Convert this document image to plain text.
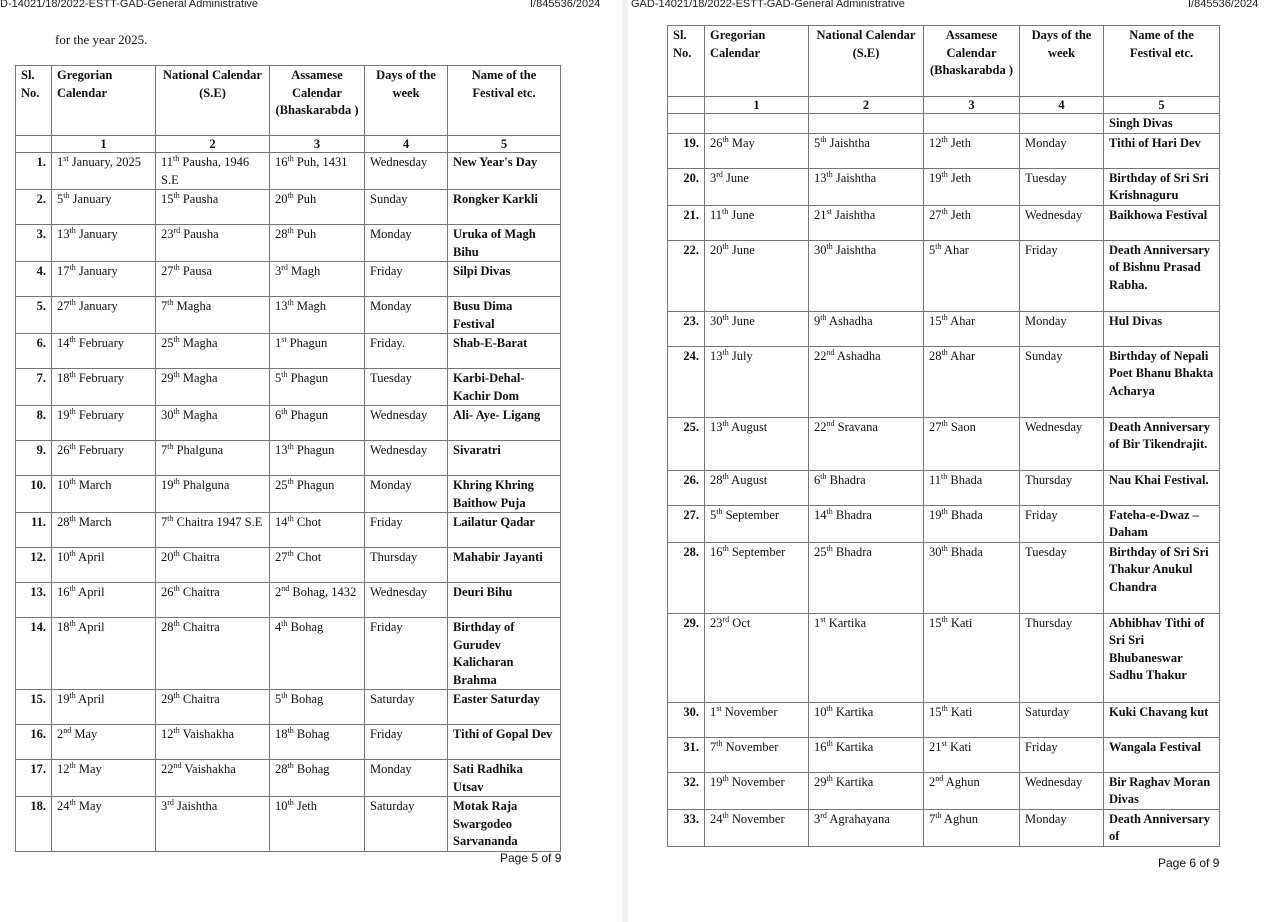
D-14021/18/2022-ESTT-GAD-General Administrative	I/845536/2024
for the year 2025.
Sl. No.	Gregorian Calendar	National Calendar (S.E)	Assamese Calendar (Bhaskarabda )	Days of the week	Name of the Festival etc.
	1	2	3	4	5
1.	1st January, 2025	11th Pausha, 1946 S.E	16th Puh, 1431	Wednesday	New Year's Day
2.	5th January	15th Pausha	20th Puh	Sunday	Rongker Karkli
3.	13th January	23rd Pausha	28th Puh	Monday	Uruka of Magh Bihu
4.	17th January	27th Pausa	3rd Magh	Friday	Silpi Divas
5.	27th January	7th Magha	13th Magh	Monday	Busu Dima Festival
6.	14th February	25th Magha	1st Phagun	Friday.	Shab-E-Barat
7.	18th February	29th Magha	5th Phagun	Tuesday	Karbi-Dehal-Kachir Dom
8.	19th February	30th Magha	6th Phagun	Wednesday	Ali- Aye- Ligang
9.	26th February	7th Phalguna	13th Phagun	Wednesday	Sivaratri
10.	10th March	19th Phalguna	25th Phagun	Monday	Khring Khring Baithow Puja
11.	28th March	7th Chaitra 1947 S.E	14th Chot	Friday	Lailatur Qadar
12.	10th April	20th Chaitra	27th Chot	Thursday	Mahabir Jayanti
13.	16th April	26th Chaitra	2nd Bohag, 1432	Wednesday	Deuri Bihu
14.	18th April	28th Chaitra	4th Bohag	Friday	Birthday of Gurudev Kalicharan Brahma
15.	19th April	29th Chaitra	5th Bohag	Saturday	Easter Saturday
16.	2nd May	12th Vaishakha	18th Bohag	Friday	Tithi of Gopal Dev
17.	12th May	22nd Vaishakha	28th Bohag	Monday	Sati Radhika Utsav
18.	24th May	3rd Jaishtha	10th Jeth	Saturday	Motak Raja Swargodeo Sarvananda
Page 5 of 9
GAD-14021/18/2022-ESTT-GAD-General Administrative	I/845536/2024
Sl. No.	Gregorian Calendar	National Calendar (S.E)	Assamese Calendar (Bhaskarabda )	Days of the week	Name of the Festival etc.
	1	2	3	4	5
					Singh Divas
19.	26th May	5th Jaishtha	12th Jeth	Monday	Tithi of Hari Dev
20.	3rd June	13th Jaishtha	19th Jeth	Tuesday	Birthday of Sri Sri Krishnaguru
21.	11th June	21st Jaishtha	27th Jeth	Wednesday	Baikhowa Festival
22.	20th June	30th Jaishtha	5th Ahar	Friday	Death Anniversary of Bishnu Prasad Rabha.
23.	30th June	9th Ashadha	15th Ahar	Monday	Hul Divas
24.	13th July	22nd Ashadha	28th Ahar	Sunday	Birthday of Nepali Poet Bhanu Bhakta Acharya
25.	13th August	22nd Sravana	27th Saon	Wednesday	Death Anniversary of Bir Tikendrajit.
26.	28th August	6th Bhadra	11th Bhada	Thursday	Nau Khai Festival.
27.	5th September	14th Bhadra	19th Bhada	Friday	Fateha-e-Dwaz – Daham
28.	16th September	25th Bhadra	30th Bhada	Tuesday	Birthday of Sri Sri Thakur Anukul Chandra
29.	23rd Oct	1st Kartika	15th Kati	Thursday	Abhibhav Tithi of Sri Sri Bhubaneswar Sadhu Thakur
30.	1st November	10th Kartika	15th Kati	Saturday	Kuki Chavang kut
31.	7th November	16th Kartika	21st Kati	Friday	Wangala Festival
32.	19th November	29th Kartika	2nd Aghun	Wednesday	Bir Raghav Moran Divas
33.	24th November	3rd Agrahayana	7th Aghun	Monday	Death Anniversary of
Page 6 of 9
